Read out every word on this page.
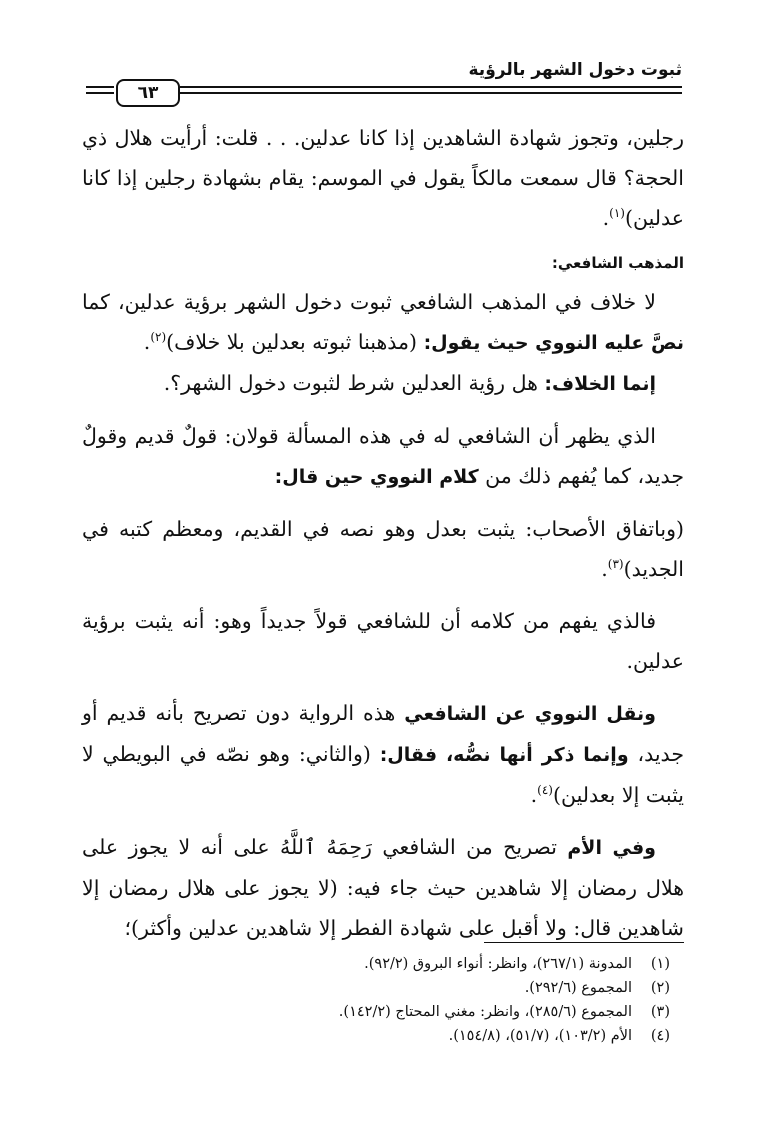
ثبوت دخول الشهر بالرؤية
٦٣

رجلين، وتجوز شهادة الشاهدين إذا كانا عدلين. . . قلت: أرأيت هلال ذي الحجة؟ قال سمعت مالكاً يقول في الموسم: يقام بشهادة رجلين إذا كانا عدلين)$^{(١)}$.

المذهب الشافعي:

لا خلاف في المذهب الشافعي ثبوت دخول الشهر برؤية عدلين، كما نصَّ عليه النووي حيث يقول: (مذهبنا ثبوته بعدلين بلا خلاف)$^{(٢)}$.

إنما الخلاف: هل رؤية العدلين شرط لثبوت دخول الشهر؟.

الذي يظهر أن الشافعي له في هذه المسألة قولان: قولٌ قديم وقولٌ جديد، كما يُفهم ذلك من كلام النووي حين قال:

(وباتفاق الأصحاب: يثبت بعدل وهو نصه في القديم، ومعظم كتبه في الجديد)$^{(٣)}$.

فالذي يفهم من كلامه أن للشافعي قولاً جديداً وهو: أنه يثبت برؤية عدلين.

ونقل النووي عن الشافعي هذه الرواية دون تصريح بأنه قديم أو جديد، وإنما ذكر أنها نصُّه، فقال: (والثاني: وهو نصّه في البويطي لا يثبت إلا بعدلين)$^{(٤)}$.

وفي الأم تصريح من الشافعي رَحِمَهُ ٱللَّهُ على أنه لا يجوز على هلال رمضان إلا شاهدين حيث جاء فيه: (لا يجوز على هلال رمضان إلا شاهدين قال: ولا أقبل على شهادة الفطر إلا شاهدين عدلين وأكثر)؛

(١)
المدونة (٢٦٧/١)، وانظر: أنواء البروق (٩٢/٢).
(٢)
المجموع (٢٩٢/٦).
(٣)
المجموع (٢٨٥/٦)، وانظر: مغني المحتاج (١٤٢/٢).
(٤)
الأم (١٠٣/٢)، (٥١/٧)، (١٥٤/٨).
